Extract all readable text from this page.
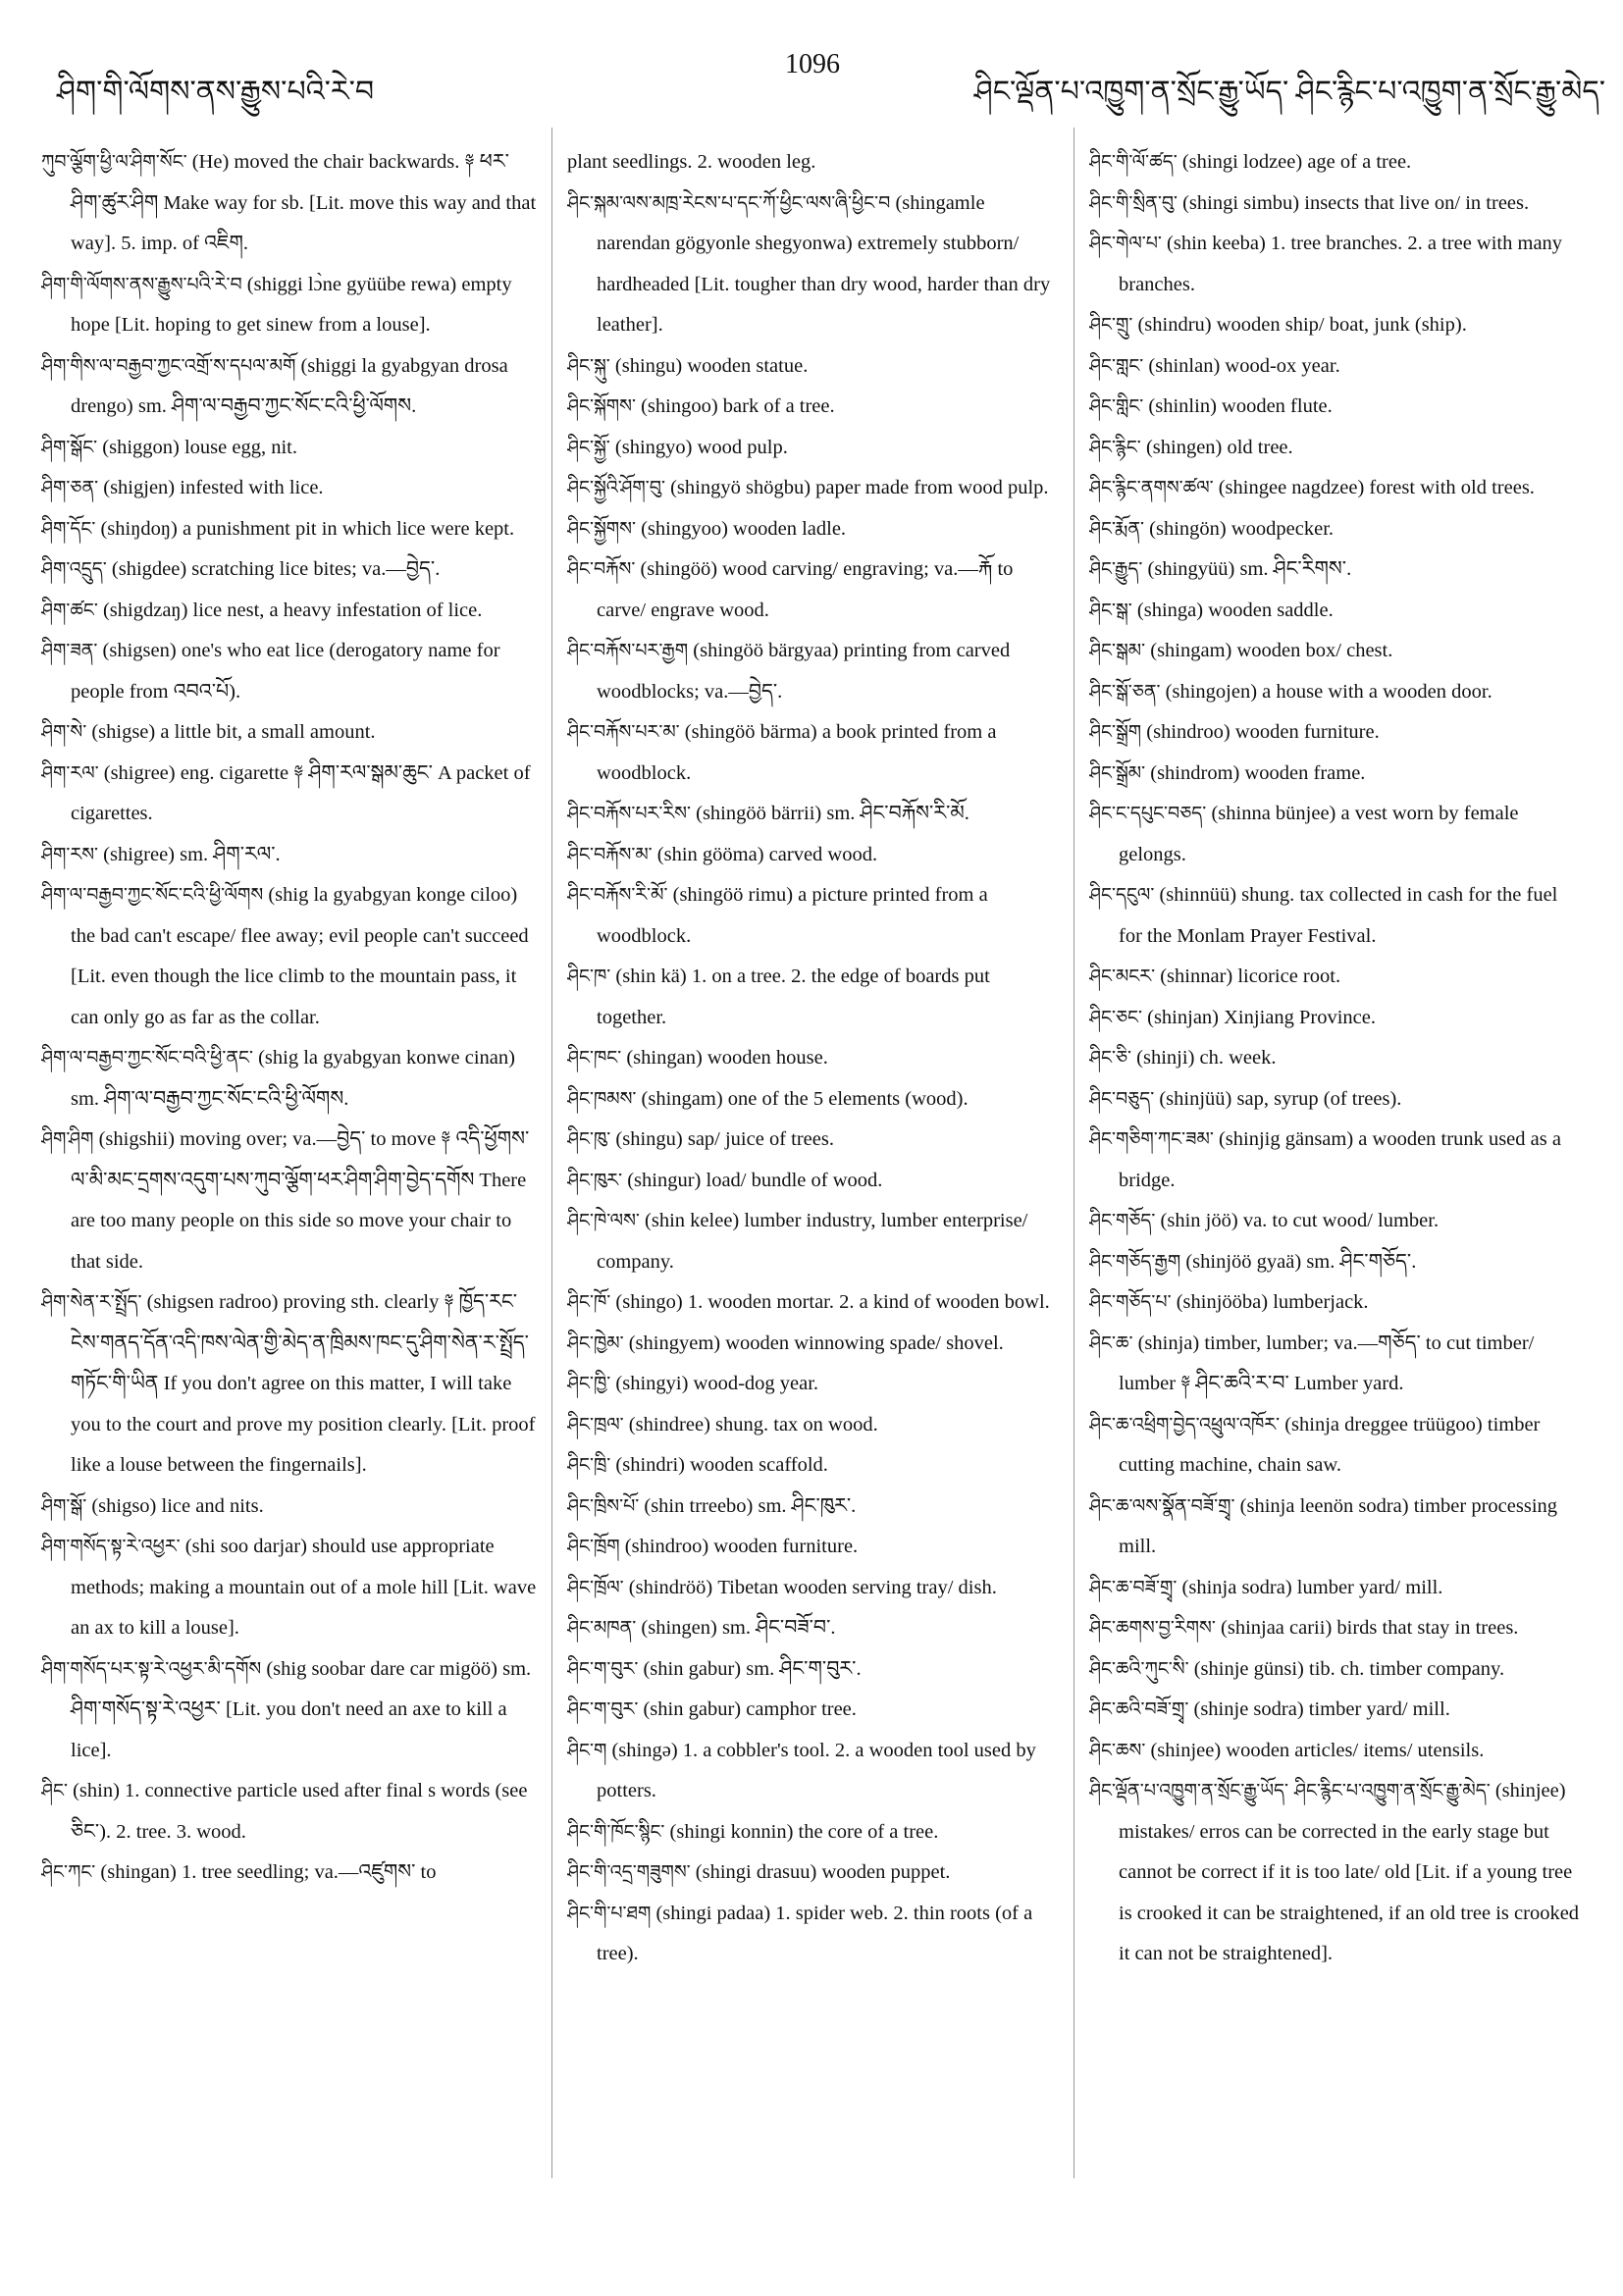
ཤིག་གི་ལོགས་ནས་རྒྱུས་པའི་རེ་བ
1096
ཤིང་ལྡོན་པ་འཁྱུག་ན་སྲོང་རྒྱུ་ཡོད་ ཤིང་རྙིང་པ་འཁྱུག་ན་སྲོང་རྒྱུ་མེད་

ཀུབ་ལྕོག་ཕྱི་ལ་ཤིག་སོང་ (He) moved the chair backwards. ༈ ཕར་ཤིག་ཚུར་ཤིག Make way for sb. [Lit. move this way and that way]. 5. imp. of འཇིག.

ཤིག་གི་ལོགས་ནས་རྒྱུས་པའི་རེ་བ (shiggi lɔ̀ne gyüübe rewa) empty hope [Lit. hoping to get sinew from a louse].

ཤིག་གིས་ལ་བརྒྱབ་ཀྱང་འགྲོ་ས་དཔལ་མགོ (shiggi la gyabgyan drosa drengo) sm. ཤིག་ལ་བརྒྱབ་ཀྱང་སོང་ངའི་ཕྱི་ལོགས.

ཤིག་སྒོང་ (shiggon) louse egg, nit.

ཤིག་ཅན་ (shigjen) infested with lice.

ཤིག་དོང་ (shiŋdoŋ) a punishment pit in which lice were kept.

ཤིག་འདྲུད་ (shigdee) scratching lice bites; va.—བྱེད་.

ཤིག་ཚང་ (shigdzaŋ) lice nest, a heavy infestation of lice.

ཤིག་ཟན་ (shigsen) one's who eat lice (derogatory name for people from འབའ་པོ).

ཤིག་སེ་ (shigse) a little bit, a small amount.

ཤིག་རལ་ (shigree) eng. cigarette ༈ ཤིག་རལ་སྒམ་ཆུང་ A packet of cigarettes.

ཤིག་རས་ (shigree) sm. ཤིག་རལ་.

ཤིག་ལ་བརྒྱབ་ཀྱང་སོང་ངའི་ཕྱི་ལོགས (shig la gyabgyan konge ciloo) the bad can't escape/ flee away; evil people can't succeed [Lit. even though the lice climb to the mountain pass, it can only go as far as the collar.

ཤིག་ལ་བརྒྱབ་ཀྱང་སོང་བའི་ཕྱི་ནང་ (shig la gyabgyan konwe cinan) sm. ཤིག་ལ་བརྒྱབ་ཀྱང་སོང་ངའི་ཕྱི་ལོགས.

ཤིག་ཤིག (shigshii) moving over; va.—བྱེད་ to move ༈ འདི་ཕྱོགས་ལ་མི་མང་དྲགས་འདུག་པས་ཀུབ་ལྕོག་ཕར་ཤིག་ཤིག་བྱེད་དགོས There are too many people on this side so move your chair to that side.

ཤིག་སེན་ར་སྤྲོད་ (shigsen radroo) proving sth. clearly ༈ ཁྱོད་རང་ངེས་གནད་དོན་འདི་ཁས་ལེན་གྱི་མེད་ན་ཁྲིམས་ཁང་དུ་ཤིག་སེན་ར་སྤྲོད་གཏོང་གི་ཡིན If you don't agree on this matter, I will take you to the court and prove my position clearly. [Lit. proof like a louse between the fingernails].

ཤིག་སྒོ་ (shigso) lice and nits.

ཤིག་གསོད་སྟ་རེ་འཕྱར་ (shi soo darjar) should use appropriate methods; making a mountain out of a mole hill [Lit. wave an ax to kill a louse].

ཤིག་གསོད་པར་སྟ་རེ་འཕྱར་མི་དགོས (shig soobar dare car migöö) sm. ཤིག་གསོད་སྟ་རེ་འཕྱར་ [Lit. you don't need an axe to kill a lice].

ཤིང་ (shin) 1. connective particle used after final s words (see ཅིང་). 2. tree. 3. wood.

ཤིང་ཀང་ (shingan) 1. tree seedling; va.—འཛུགས་ to

plant seedlings. 2. wooden leg.

ཤིང་སྐམ་ལས་མཁྲ་རེངས་པ་དང་ཀོ་ཕྱིང་ལས་ཞི་ཕྱིང་བ (shingamle narendan gögyonle shegyonwa) extremely stubborn/ hardheaded [Lit. tougher than dry wood, harder than dry leather].

ཤིང་སྐུ་ (shingu) wooden statue.

ཤིང་སྐོགས་ (shingoo) bark of a tree.

ཤིང་སྐྱོ་ (shingyo) wood pulp.

ཤིང་སྐྱོའི་ཤོག་བུ་ (shingyö shögbu) paper made from wood pulp.

ཤིང་སྐྱོགས་ (shingyoo) wooden ladle.

ཤིང་བརྐོས་ (shingöö) wood carving/ engraving; va.—རྐོ to carve/ engrave wood.

ཤིང་བརྐོས་པར་རྒྱག (shingöö bärgyaa) printing from carved woodblocks; va.—བྱེད་.

ཤིང་བརྐོས་པར་མ་ (shingöö bärma) a book printed from a woodblock.

ཤིང་བརྐོས་པར་རིས་ (shingöö bärrii) sm. ཤིང་བརྐོས་རི་མོ.

ཤིང་བརྐོས་མ་ (shin gööma) carved wood.

ཤིང་བརྐོས་རི་མོ་ (shingöö rimu) a picture printed from a woodblock.

ཤིང་ཁ་ (shin kä) 1. on a tree. 2. the edge of boards put together.

ཤིང་ཁང་ (shingan) wooden house.

ཤིང་ཁམས་ (shingam) one of the 5 elements (wood).

ཤིང་ཁུ་ (shingu) sap/ juice of trees.

ཤིང་ཁུར་ (shingur) load/ bundle of wood.

ཤིང་ཁེ་ལས་ (shin kelee) lumber industry, lumber enterprise/ company.

ཤིང་ཁོ་ (shingo) 1. wooden mortar. 2. a kind of wooden bowl.

ཤིང་ཁྱེམ་ (shingyem) wooden winnowing spade/ shovel.

ཤིང་ཁྱི་ (shingyi) wood-dog year.

ཤིང་ཁྲལ་ (shindree) shung. tax on wood.

ཤིང་ཁྲི་ (shindri) wooden scaffold.

ཤིང་ཁྲིས་པོ་ (shin trreebo) sm. ཤིང་ཁུར་.

ཤིང་ཁྲོག (shindroo) wooden furniture.

ཤིང་ཁྲོལ་ (shindröö) Tibetan wooden serving tray/ dish.

ཤིང་མཁན་ (shingen) sm. ཤིང་བཟོ་བ་.

ཤིང་ག་བུར་ (shin gabur) sm. ཤིང་ག་བུར་.

ཤིང་ག་བུར་ (shin gabur) camphor tree.

ཤིང་ག (shingə) 1. a cobbler's tool. 2. a wooden tool used by potters.

ཤིང་གི་ཁོང་སྙིང་ (shingi konnin) the core of a tree.

ཤིང་གི་འདྲ་གཟུགས་ (shingi drasuu) wooden puppet.

ཤིང་གི་པ་ཐག (shingi padaa) 1. spider web. 2. thin roots (of a tree).

ཤིང་གི་ལོ་ཚད་ (shingi lodzee) age of a tree.

ཤིང་གི་སྲིན་བུ་ (shingi simbu) insects that live on/ in trees.

ཤིང་གེལ་པ་ (shin keeba) 1. tree branches. 2. a tree with many branches.

ཤིང་གྲུ་ (shindru) wooden ship/ boat, junk (ship).

ཤིང་གླང་ (shinlan) wood-ox year.

ཤིང་གླིང་ (shinlin) wooden flute.

ཤིང་རྙིང་ (shingen) old tree.

ཤིང་རྙིང་ནགས་ཚལ་ (shingee nagdzee) forest with old trees.

ཤིང་རྨོན་ (shingön) woodpecker.

ཤིང་རྒྱུད་ (shingyüü) sm. ཤིང་རིགས་.

ཤིང་སྒ་ (shinga) wooden saddle.

ཤིང་སྒམ་ (shingam) wooden box/ chest.

ཤིང་སྒོ་ཅན་ (shingojen) a house with a wooden door.

ཤིང་སྒྲོག (shindroo) wooden furniture.

ཤིང་སྒྲོམ་ (shindrom) wooden frame.

ཤིང་ང་དཔུང་བཅད་ (shinna bünjee) a vest worn by female gelongs.

ཤིང་དངུལ་ (shinnüü) shung. tax collected in cash for the fuel for the Monlam Prayer Festival.

ཤིང་མངར་ (shinnar) licorice root.

ཤིང་ཅང་ (shinjan) Xinjiang Province.

ཤིང་ཅི་ (shinji) ch. week.

ཤིང་བཅུད་ (shinjüü) sap, syrup (of trees).

ཤིང་གཅིག་ཀང་ཟམ་ (shinjig gänsam) a wooden trunk used as a bridge.

ཤིང་གཅོད་ (shin jöö) va. to cut wood/ lumber.

ཤིང་གཅོད་རྒྱག (shinjöö gyaä) sm. ཤིང་གཅོད་.

ཤིང་གཅོད་པ་ (shinjööba) lumberjack.

ཤིང་ཆ་ (shinja) timber, lumber; va.—གཅོད་ to cut timber/ lumber ༈ ཤིང་ཆའི་ར་བ་ Lumber yard.

ཤིང་ཆ་འཕྲིག་བྱེད་འཕྲུལ་འཁོར་ (shinja dreggee trüügoo) timber cutting machine, chain saw.

ཤིང་ཆ་ལས་སྣོན་བཟོ་གྲྭ་ (shinja leenön sodra) timber processing mill.

ཤིང་ཆ་བཟོ་གྲྭ་ (shinja sodra) lumber yard/ mill.

ཤིང་ཆགས་བྱ་རིགས་ (shinjaa carii) birds that stay in trees.

ཤིང་ཆའི་ཀུང་སི་ (shinje günsi) tib. ch. timber company.

ཤིང་ཆའི་བཟོ་གྲྭ་ (shinje sodra) timber yard/ mill.

ཤིང་ཆས་ (shinjee) wooden articles/ items/ utensils.

ཤིང་ལྡོན་པ་འཁྱུག་ན་སྲོང་རྒྱུ་ཡོད་ ཤིང་རྙིང་པ་འཁྱུག་ན་སྲོང་རྒྱུ་མེད་ (shinjee) mistakes/ erros can be corrected in the early stage but cannot be correct if it is too late/ old [Lit. if a young tree is crooked it can be straightened, if an old tree is crooked it can not be straightened].
